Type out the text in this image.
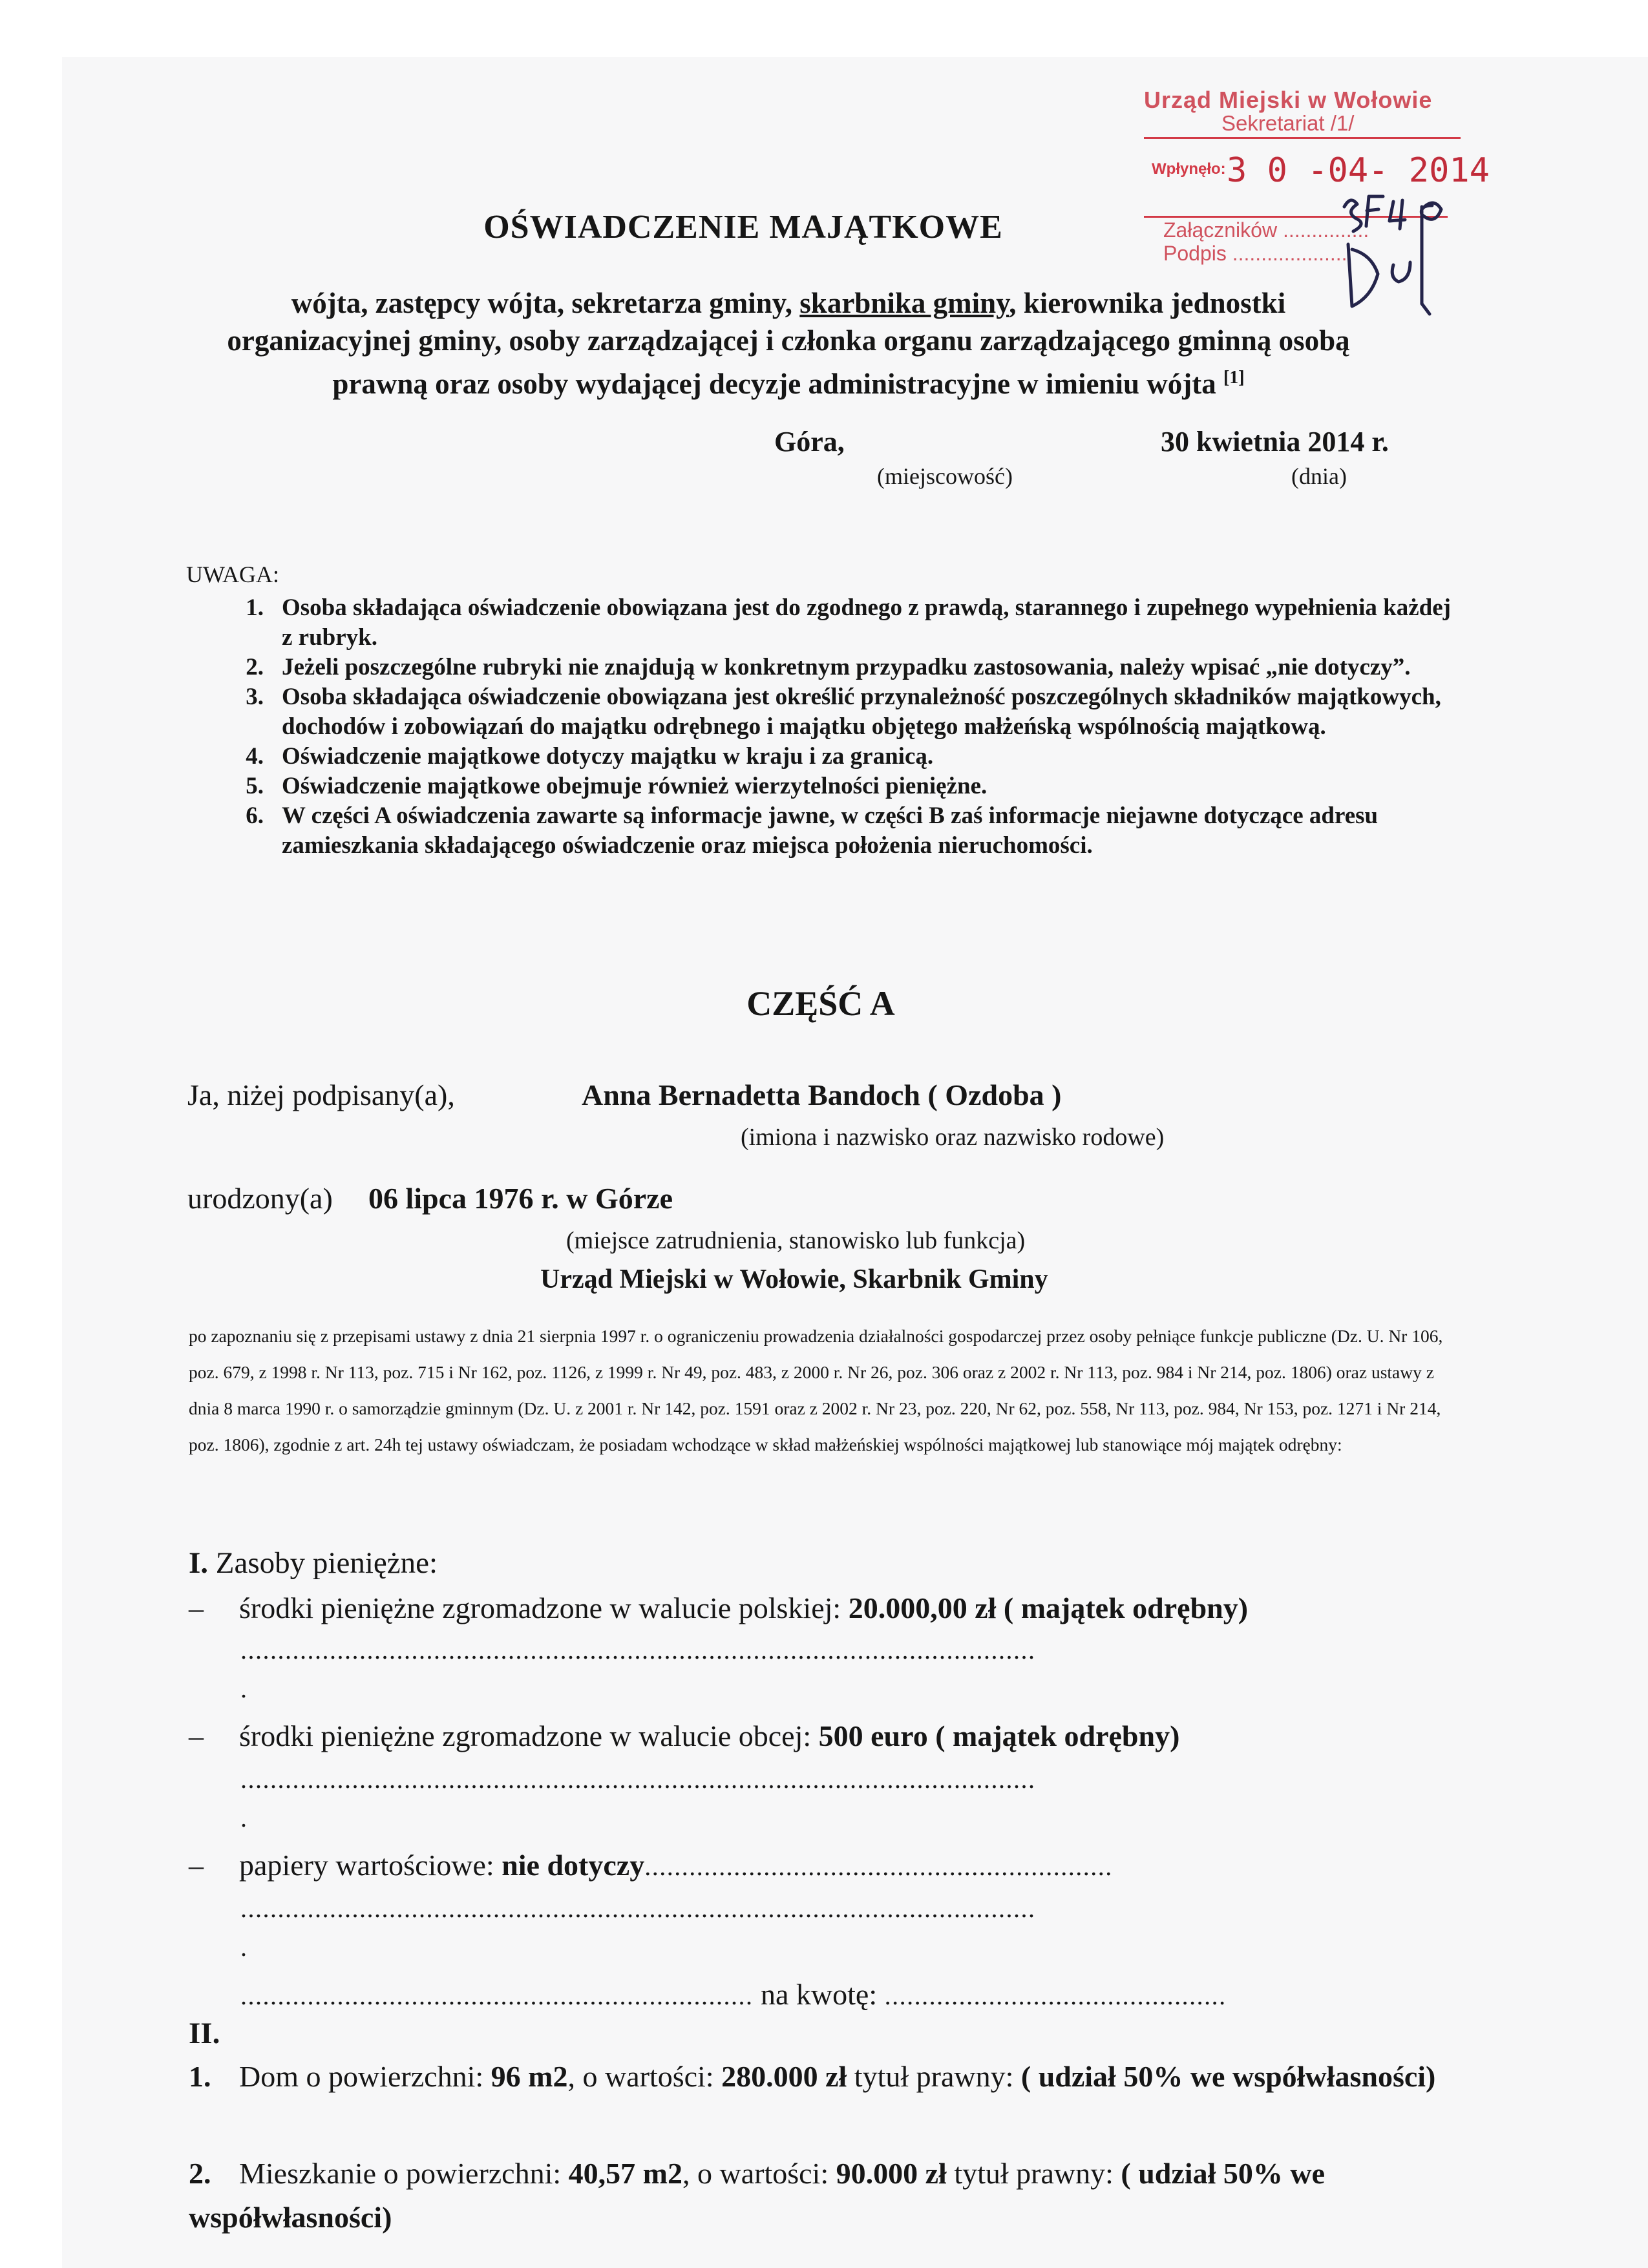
Urząd Miejski w Wołowie
Sekretariat /1/
Wpłynęło: 3 0 -04- 2014
Załączników ...............
Podpis ....................
OŚWIADCZENIE MAJĄTKOWE
wójta, zastępcy wójta, sekretarza gminy, skarbnika gminy, kierownika jednostki
organizacyjnej gminy, osoby zarządzającej i członka organu zarządzającego gminną osobą
prawną oraz osoby wydającej decyzje administracyjne w imieniu wójta [1]
Góra,	30 kwietnia 2014 r.
(miejscowość)	(dnia)
UWAGA:
1. Osoba składająca oświadczenie obowiązana jest do zgodnego z prawdą, starannego i zupełnego wypełnienia każdej z rubryk.
2. Jeżeli poszczególne rubryki nie znajdują w konkretnym przypadku zastosowania, należy wpisać „nie dotyczy”.
3. Osoba składająca oświadczenie obowiązana jest określić przynależność poszczególnych składników majątkowych, dochodów i zobowiązań do majątku odrębnego i majątku objętego małżeńską wspólnością majątkową.
4. Oświadczenie majątkowe dotyczy majątku w kraju i za granicą.
5. Oświadczenie majątkowe obejmuje również wierzytelności pieniężne.
6. W części A oświadczenia zawarte są informacje jawne, w części B zaś informacje niejawne dotyczące adresu zamieszkania składającego oświadczenie oraz miejsca położenia nieruchomości.
CZĘŚĆ A
Ja, niżej podpisany(a),	Anna Bernadetta Bandoch ( Ozdoba )
(imiona i nazwisko oraz nazwisko rodowe)
urodzony(a) 06 lipca 1976 r. w Górze
(miejsce zatrudnienia, stanowisko lub funkcja)
Urząd Miejski w Wołowie, Skarbnik Gminy
po zapoznaniu się z przepisami ustawy z dnia 21 sierpnia 1997 r. o ograniczeniu prowadzenia działalności gospodarczej przez osoby pełniące funkcje publiczne (Dz. U. Nr 106, poz. 679, z 1998 r. Nr 113, poz. 715 i Nr 162, poz. 1126, z 1999 r. Nr 49, poz. 483, z 2000 r. Nr 26, poz. 306 oraz z 2002 r. Nr 113, poz. 984 i Nr 214, poz. 1806) oraz ustawy z dnia 8 marca 1990 r. o samorządzie gminnym (Dz. U. z 2001 r. Nr 142, poz. 1591 oraz z 2002 r. Nr 23, poz. 220, Nr 62, poz. 558, Nr 113, poz. 984, Nr 153, poz. 1271 i Nr 214, poz. 1806), zgodnie z art. 24h tej ustawy oświadczam, że posiadam wchodzące w skład małżeńskiej wspólności majątkowej lub stanowiące mój majątek odrębny:
I. Zasoby pieniężne:
– środki pieniężne zgromadzone w walucie polskiej: 20.000,00 zł ( majątek odrębny)
...........................................................................................................
.
– środki pieniężne zgromadzone w walucie obcej: 500 euro ( majątek odrębny)
...........................................................................................................
.
– papiery wartościowe: nie dotyczy...............................................................
...........................................................................................................
.
..................................................................... na kwotę: ..............................................
II.
1. Dom o powierzchni: 96 m2, o wartości: 280.000 zł tytuł prawny: ( udział 50% we współwłasności)
2. Mieszkanie o powierzchni: 40,57 m2, o wartości: 90.000 zł tytuł prawny: ( udział 50% we współwłasności)
